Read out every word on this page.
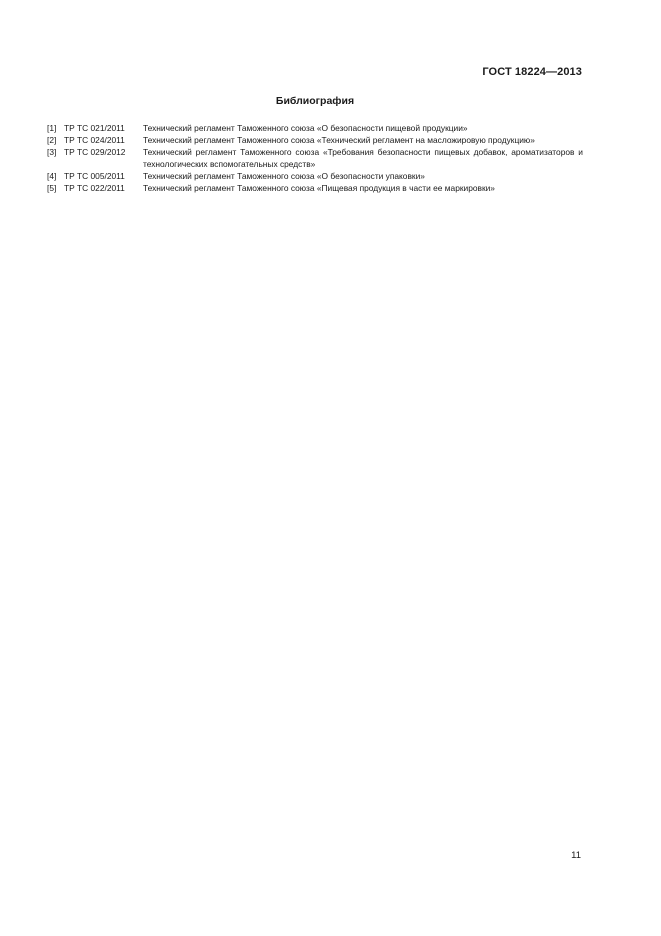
ГОСТ 18224—2013
Библиография
[1] ТР ТС 021/2011	Технический регламент Таможенного союза «О безопасности пищевой продукции»
[2] ТР ТС 024/2011	Технический регламент Таможенного союза «Технический регламент на масложировую продукцию»
[3] ТР ТС 029/2012	Технический регламент Таможенного союза «Требования безопасности пищевых добавок, ароматизаторов и технологических вспомогательных средств»
[4] ТР ТС 005/2011	Технический регламент Таможенного союза «О безопасности упаковки»
[5] ТР ТС 022/2011	Технический регламент Таможенного союза «Пищевая продукция в части ее маркировки»
11
